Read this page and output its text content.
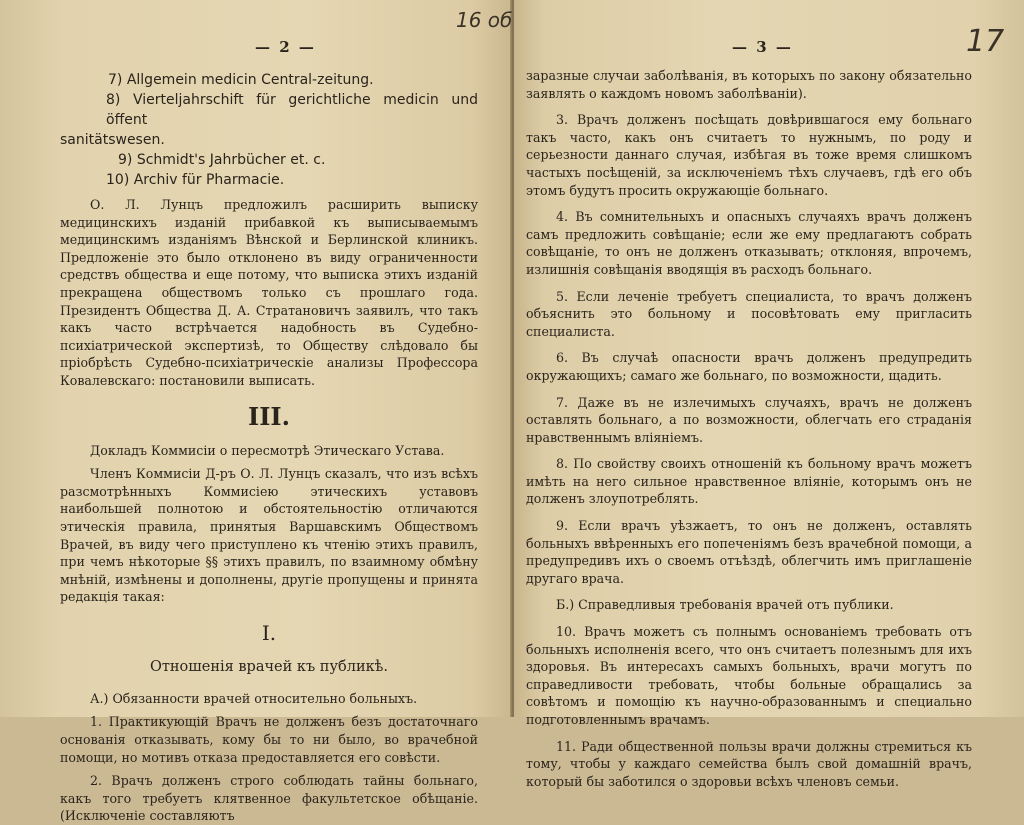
— 2 —
16 об
— 3 —	17

7) Allgemein medicin Central-zeitung.

8) Vierteljahrschift für gerichtliche medicin und öffent

sanitätswesen.

9) Schmidt's Jahrbücher et. c.

10) Archiv für Pharmacie.

О. Л. Лунцъ предложилъ расширить выписку медицинскихъ изданій прибавкой къ выписываемымъ медицинскимъ изданіямъ Вѣнской и Берлинской клиникъ. Предложеніе это было отклонено въ виду ограниченности средствъ общества и еще потому, что выписка этихъ изданій прекращена обществомъ только съ прошлаго года. Президентъ Общества Д. А. Стратановичъ заявилъ, что такъ какъ часто встрѣчается надобность въ Судебно-психіатрической экспертизѣ, то Обществу слѣдовало бы пріобрѣсть Судебно-психіатрическіе анализы Профессора Ковалевскаго: постановили выписать.

III.

Докладъ Коммисіи о пересмотрѣ Этическаго Устава.

Членъ Коммисіи Д-ръ О. Л. Лунцъ сказалъ, что изъ всѣхъ разсмотрѣнныхъ Коммисіею этическихъ уставовъ наибольшей полнотою и обстоятельностію отличаются этическія правила, принятыя Варшавскимъ Обществомъ Врачей, въ виду чего приступлено къ чтенію этихъ правилъ, при чемъ нѣкоторые §§ этихъ правилъ, по взаимному обмѣну мнѣній, измѣнены и дополнены, другіе пропущены и принята редакція такая:

I.
Отношенія врачей къ публикѣ.

А.) Обязанности врачей относительно больныхъ.

1. Практикующій Врачъ не долженъ безъ достаточнаго основанія отказывать, кому бы то ни было, во врачебной помощи, но мотивъ отказа предоставляется его совѣсти.

2. Врачъ долженъ строго соблюдать тайны больнаго, какъ того требуетъ клятвенное факультетское обѣщаніе. (Исключеніе составляютъ

заразные случаи заболѣванія, въ которыхъ по закону обязательно заявлять о каждомъ новомъ заболѣваніи).

3. Врачъ долженъ посѣщать довѣрившагося ему больнаго такъ часто, какъ онъ считаетъ то нужнымъ, по роду и серьезности даннаго случая, избѣгая въ тоже время слишкомъ частыхъ посѣщеній, за исключеніемъ тѣхъ случаевъ, гдѣ его объ этомъ будутъ просить окружающіе больнаго.

4. Въ сомнительныхъ и опасныхъ случаяхъ врачъ долженъ самъ предложить совѣщаніе; если же ему предлагаютъ собрать совѣщаніе, то онъ не долженъ отказывать; отклоняя, впрочемъ, излишнія совѣщанія вводящія въ расходъ больнаго.

5. Если леченіе требуетъ специалиста, то врачъ долженъ объяснить это больному и посовѣтовать ему пригласить специалиста.

6. Въ случаѣ опасности врачъ долженъ предупредить окружающихъ; самаго же больнаго, по возможности, щадить.

7. Даже въ не излечимыхъ случаяхъ, врачъ не долженъ оставлять больнаго, а по возможности, облегчать его страданія нравственнымъ вліяніемъ.

8. По свойству своихъ отношеній къ больному врачъ можетъ имѣть на него сильное нравственное вліяніе, которымъ онъ не долженъ злоупотреблять.

9. Если врачъ уѣзжаетъ, то онъ не долженъ, оставлять больныхъ ввѣренныхъ его попеченіямъ безъ врачебной помощи, а предупредивъ ихъ о своемъ отъѣздѣ, облегчить имъ приглашеніе другаго врача.

Б.) Справедливыя требованія врачей отъ публики.

10. Врачъ можетъ съ полнымъ основаніемъ требовать отъ больныхъ исполненія всего, что онъ считаетъ полезнымъ для ихъ здоровья. Въ интересахъ самыхъ больныхъ, врачи могутъ по справедливости требовать, чтобы больные обращались за совѣтомъ и помощію къ научно-образованнымъ и специально подготовленнымъ врачамъ.

11. Ради общественной пользы врачи должны стремиться къ тому, чтобы у каждаго семейства былъ свой домашній врачъ, который бы заботился о здоровьи всѣхъ членовъ семьи.
